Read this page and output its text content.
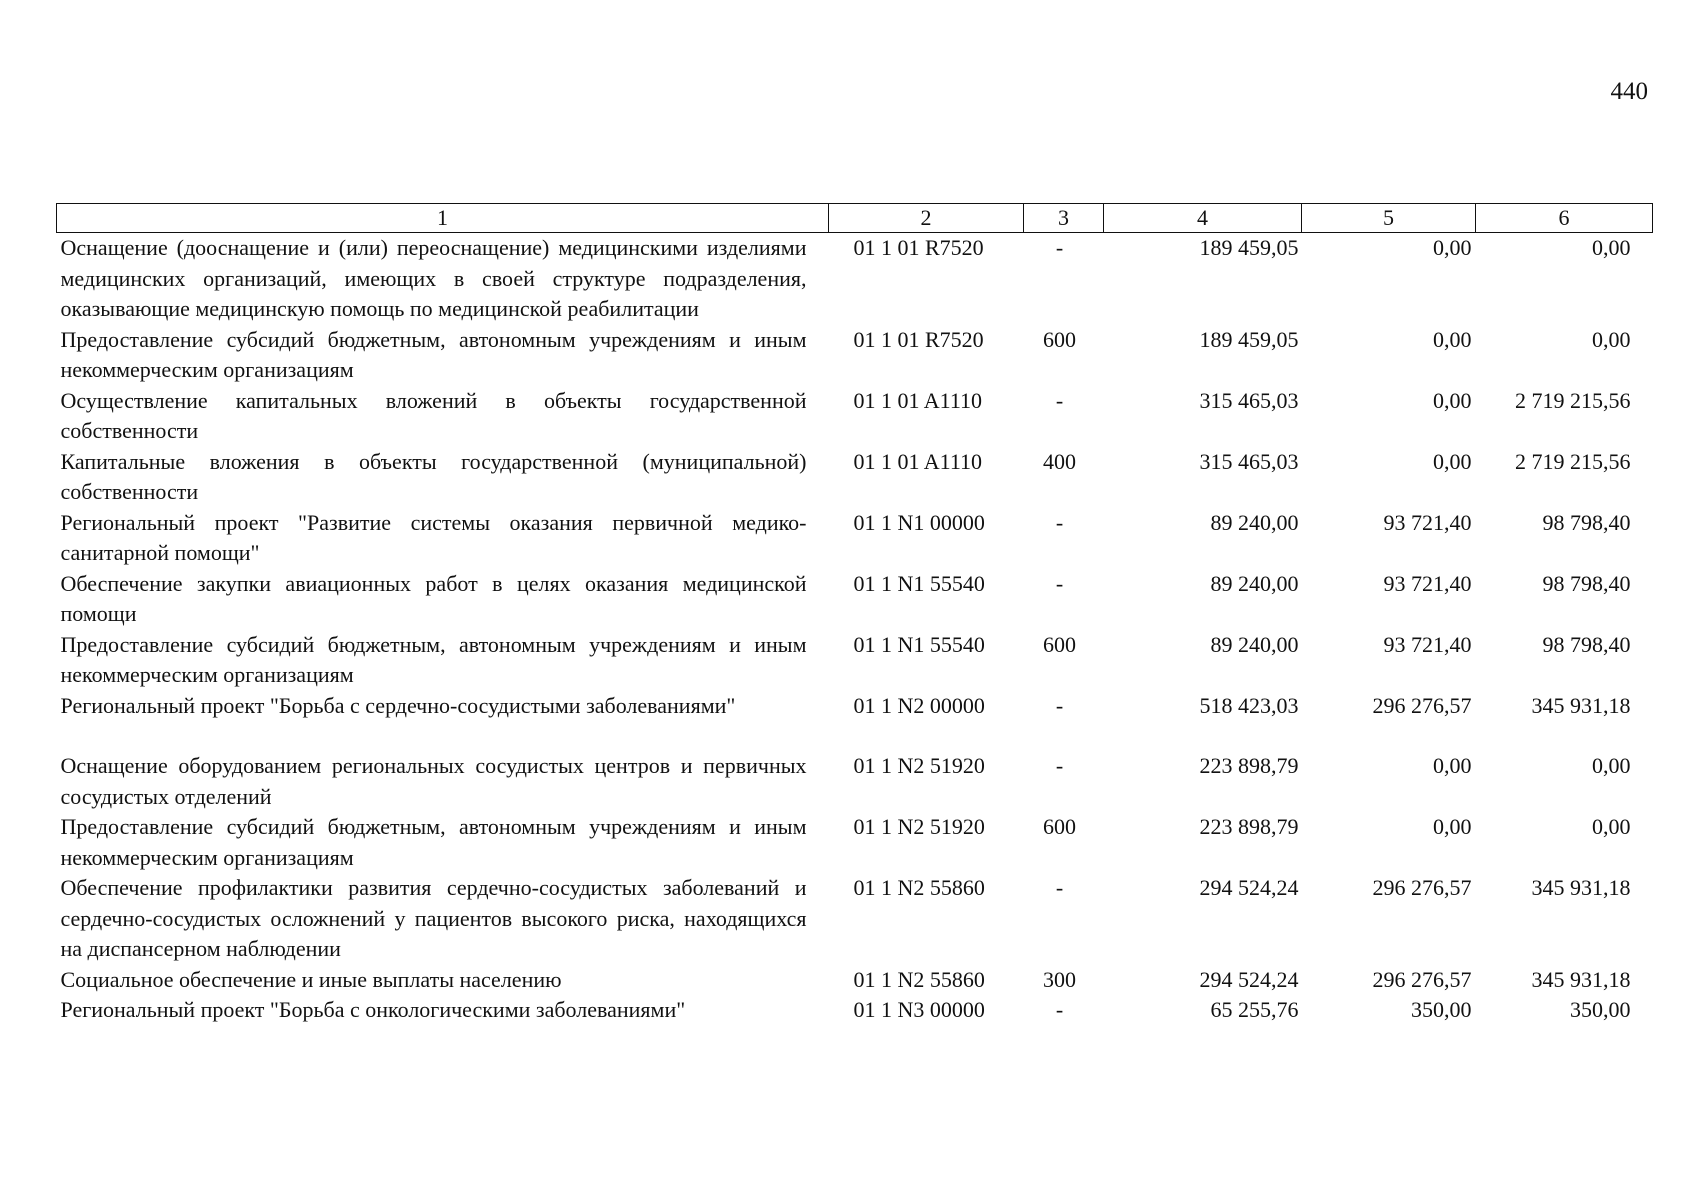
440
1	2	3	4	5	6
Оснащение (дооснащение и (или) переоснащение) медицинскими изделиями медицинских организаций, имеющих в своей структуре подразделения, оказывающие медицинскую помощь по медицинской реабилитации	01 1 01 R7520	-	189 459,05	0,00	0,00
Предоставление субсидий бюджетным, автономным учреждениям и иным некоммерческим организациям	01 1 01 R7520	600	189 459,05	0,00	0,00
Осуществление капитальных вложений в объекты государственной собственности	01 1 01 A1110	-	315 465,03	0,00	2 719 215,56
Капитальные вложения в объекты государственной (муниципальной) собственности	01 1 01 A1110	400	315 465,03	0,00	2 719 215,56
Региональный проект "Развитие системы оказания первичной медико-санитарной помощи"	01 1 N1 00000	-	89 240,00	93 721,40	98 798,40
Обеспечение закупки авиационных работ в целях оказания медицинской помощи	01 1 N1 55540	-	89 240,00	93 721,40	98 798,40
Предоставление субсидий бюджетным, автономным учреждениям и иным некоммерческим организациям	01 1 N1 55540	600	89 240,00	93 721,40	98 798,40
Региональный проект "Борьба с сердечно-сосудистыми заболеваниями"	01 1 N2 00000	-	518 423,03	296 276,57	345 931,18
Оснащение оборудованием региональных сосудистых центров и первичных сосудистых отделений	01 1 N2 51920	-	223 898,79	0,00	0,00
Предоставление субсидий бюджетным, автономным учреждениям и иным некоммерческим организациям	01 1 N2 51920	600	223 898,79	0,00	0,00
Обеспечение профилактики развития сердечно-сосудистых заболеваний и сердечно-сосудистых осложнений у пациентов высокого риска, находящихся на диспансерном наблюдении	01 1 N2 55860	-	294 524,24	296 276,57	345 931,18
Социальное обеспечение и иные выплаты населению	01 1 N2 55860	300	294 524,24	296 276,57	345 931,18
Региональный проект "Борьба с онкологическими заболеваниями"	01 1 N3 00000	-	65 255,76	350,00	350,00
